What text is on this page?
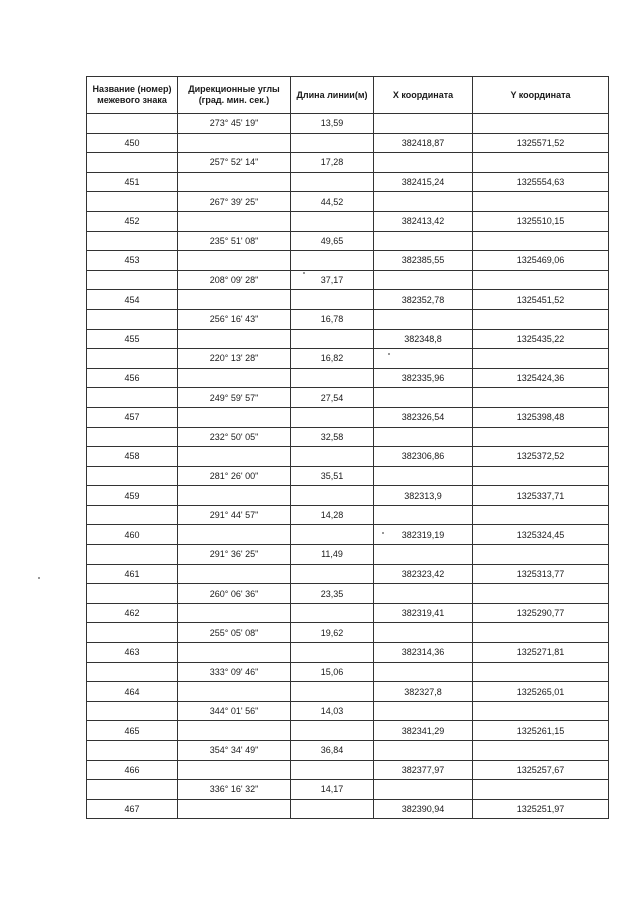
Название (номер) межевого знака	Дирекционные углы (град. мин. сек.)	Длина линии(м)	X координата	Y координата
	273° 45' 19"	13,59		
450			382418,87	1325571,52
	257° 52' 14"	17,28		
451			382415,24	1325554,63
	267° 39' 25"	44,52		
452			382413,42	1325510,15
	235° 51' 08"	49,65		
453			382385,55	1325469,06
	208° 09' 28"	37,17		
454			382352,78	1325451,52
	256° 16' 43"	16,78		
455			382348,8	1325435,22
	220° 13' 28"	16,82		
456			382335,96	1325424,36
	249° 59' 57"	27,54		
457			382326,54	1325398,48
	232° 50' 05"	32,58		
458			382306,86	1325372,52
	281° 26' 00"	35,51		
459			382313,9	1325337,71
	291° 44' 57"	14,28		
460			382319,19	1325324,45
	291° 36' 25"	11,49		
461			382323,42	1325313,77
	260° 06' 36"	23,35		
462			382319,41	1325290,77
	255° 05' 08"	19,62		
463			382314,36	1325271,81
	333° 09' 46"	15,06		
464			382327,8	1325265,01
	344° 01' 56"	14,03		
465			382341,29	1325261,15
	354° 34' 49"	36,84		
466			382377,97	1325257,67
	336° 16' 32"	14,17		
467			382390,94	1325251,97
